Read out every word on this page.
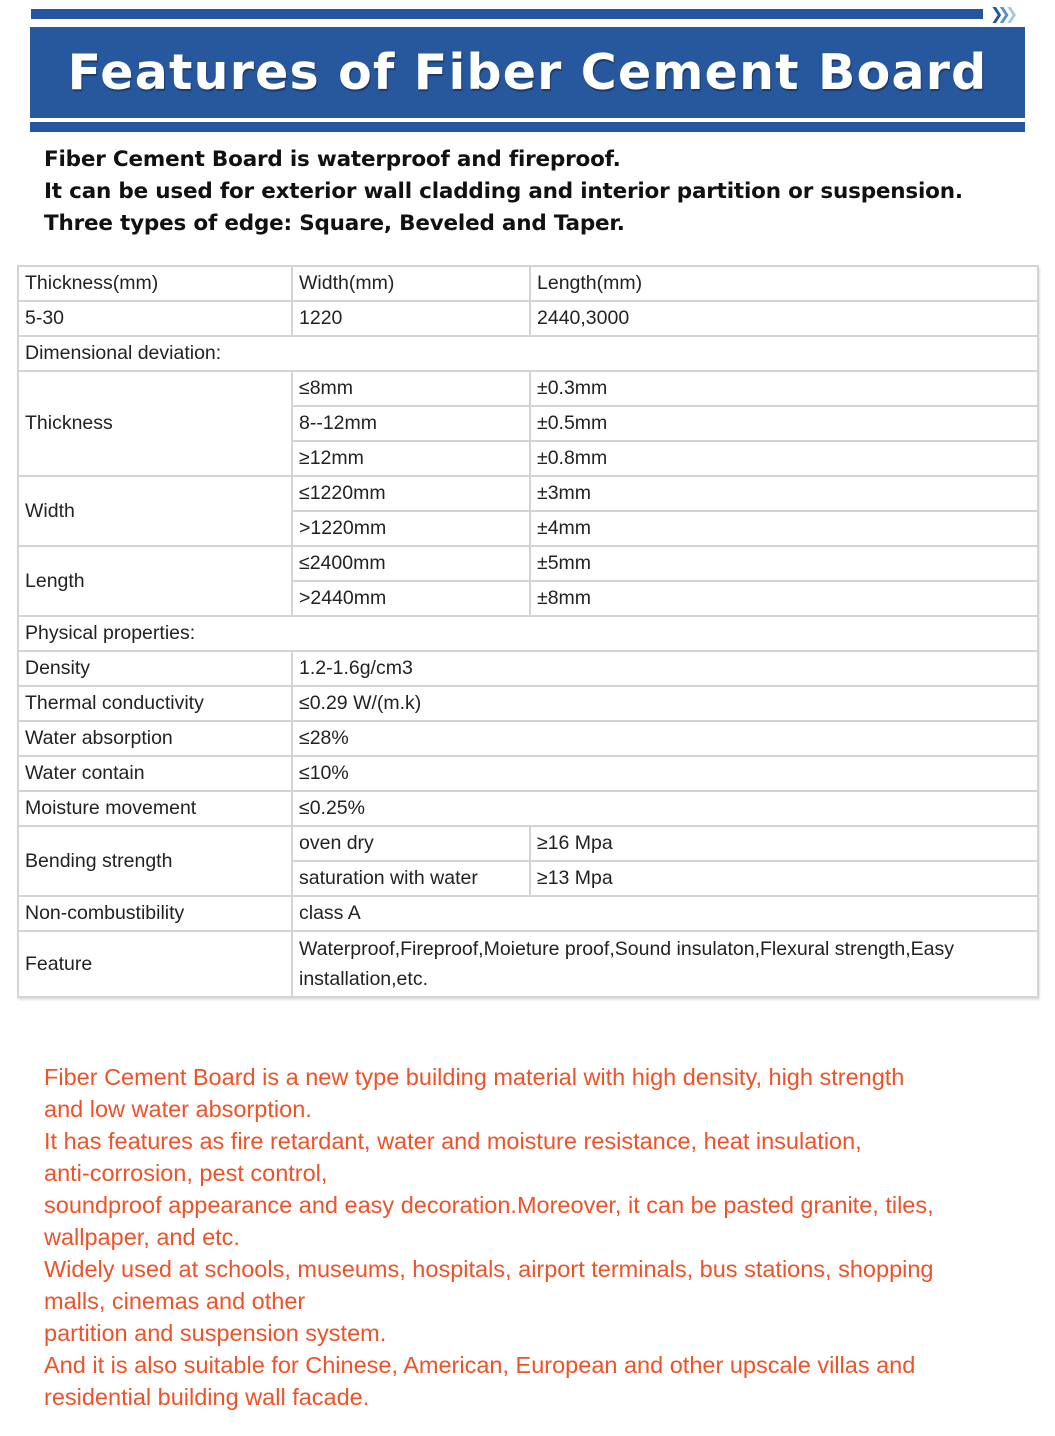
❯ ❯ ❯
Features of Fiber Cement Board

Fiber Cement Board is waterproof and fireproof.

It can be used for exterior wall cladding and interior partition or suspension.

Three types of edge: Square, Beveled and Taper.

Thickness(mm)	Width(mm)	Length(mm)
5-30	1220	2440,3000
Dimensional deviation:		
Thickness	≤8mm	±0.3mm
	8--12mm	±0.5mm
	≥12mm	±0.8mm
Width	≤1220mm	±3mm
	>1220mm	±4mm
Length	≤2400mm	±5mm
	>2440mm	±8mm
Physical properties:		
Density	1.2-1.6g/cm3	
Thermal conductivity	≤0.29 W/(m.k)	
Water absorption	≤28%	
Water contain	≤10%	
Moisture movement	≤0.25%	
Bending strength	oven dry	≥16 Mpa
	saturation with water	≥13 Mpa
Non-combustibility	class A	
Feature	Waterproof,Fireproof,Moieture proof,Sound insulaton,Flexural strength,Easy installation,etc.	

Fiber Cement Board is a new type building material with high density, high strength

and low water absorption.

It has features as fire retardant, water and moisture resistance, heat insulation,

anti-corrosion, pest control,

soundproof appearance and easy decoration.Moreover, it can be pasted granite, tiles,

wallpaper, and etc.

Widely used at schools, museums, hospitals, airport terminals, bus stations, shopping

malls, cinemas and other

partition and suspension system.

And it is also suitable for Chinese, American, European and other upscale villas and

residential building wall facade.
